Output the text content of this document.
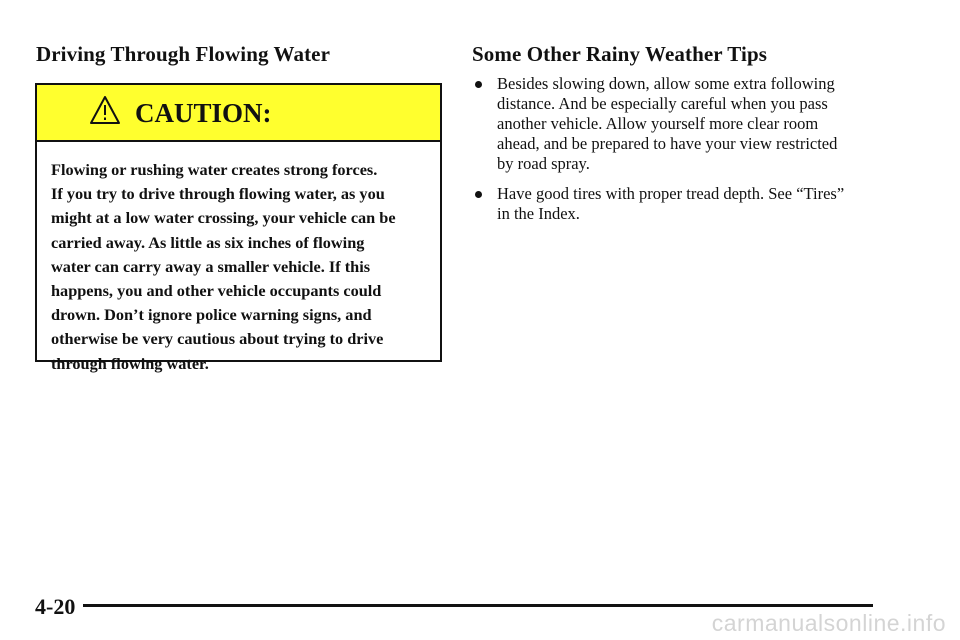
Driving Through Flowing Water
CAUTION:
Flowing or rushing water creates strong forces.
If you try to drive through flowing water, as you
might at a low water crossing, your vehicle can be
carried away. As little as six inches of flowing
water can carry away a smaller vehicle. If this
happens, you and other vehicle occupants could
drown. Don’t ignore police warning signs, and
otherwise be very cautious about trying to drive
through flowing water.
Some Other Rainy Weather Tips
Besides slowing down, allow some extra following
distance. And be especially careful when you pass
another vehicle. Allow yourself more clear room
ahead, and be prepared to have your view restricted
by road spray.
Have good tires with proper tread depth. See “Tires”
in the Index.
4-20
carmanualsonline.info
